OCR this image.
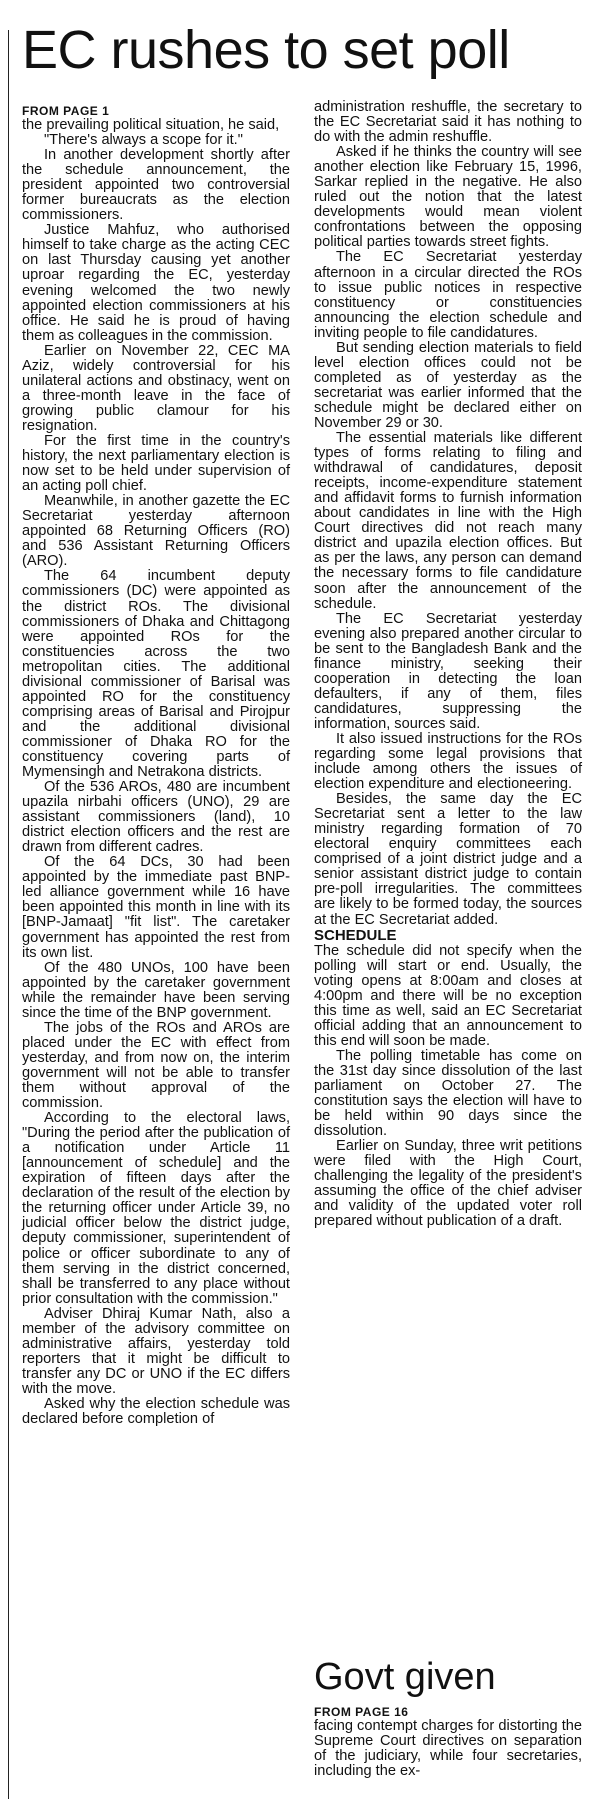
EC rushes to set poll
FROM PAGE 1

the prevailing political situation, he said,

"There's always a scope for it."

In another development shortly after the schedule announcement, the president appointed two controversial former bureaucrats as the election commissioners.

Justice Mahfuz, who authorised himself to take charge as the acting CEC on last Thursday causing yet another uproar regarding the EC, yesterday evening welcomed the two newly appointed election commissioners at his office. He said he is proud of having them as colleagues in the commission.

Earlier on November 22, CEC MA Aziz, widely controversial for his unilateral actions and obstinacy, went on a three-month leave in the face of growing public clamour for his resignation.

For the first time in the country's history, the next parliamentary election is now set to be held under supervision of an acting poll chief.

Meanwhile, in another gazette the EC Secretariat yesterday afternoon appointed 68 Returning Officers (RO) and 536 Assistant Returning Officers (ARO).

The 64 incumbent deputy commissioners (DC) were appointed as the district ROs. The divisional commissioners of Dhaka and Chittagong were appointed ROs for the constituencies across the two metropolitan cities. The additional divisional commissioner of Barisal was appointed RO for the constituency comprising areas of Barisal and Pirojpur and the additional divisional commissioner of Dhaka RO for the constituency covering parts of Mymensingh and Netrakona districts.

Of the 536 AROs, 480 are incumbent upazila nirbahi officers (UNO), 29 are assistant commissioners (land), 10 district election officers and the rest are drawn from different cadres.

Of the 64 DCs, 30 had been appointed by the immediate past BNP-led alliance government while 16 have been appointed this month in line with its [BNP-Jamaat] "fit list". The caretaker government has appointed the rest from its own list.

Of the 480 UNOs, 100 have been appointed by the caretaker government while the remainder have been serving since the time of the BNP government.

The jobs of the ROs and AROs are placed under the EC with effect from yesterday, and from now on, the interim government will not be able to transfer them without approval of the commission.

According to the electoral laws, "During the period after the publication of a notification under Article 11 [announcement of schedule] and the expiration of fifteen days after the declaration of the result of the election by the returning officer under Article 39, no judicial officer below the district judge, deputy commissioner, superintendent of police or officer subordinate to any of them serving in the district concerned, shall be transferred to any place without prior consultation with the commission."

Adviser Dhiraj Kumar Nath, also a member of the advisory committee on administrative affairs, yesterday told reporters that it might be difficult to transfer any DC or UNO if the EC differs with the move.

Asked why the election schedule was declared before completion of

administration reshuffle, the secretary to the EC Secretariat said it has nothing to do with the admin reshuffle.

Asked if he thinks the country will see another election like February 15, 1996, Sarkar replied in the negative. He also ruled out the notion that the latest developments would mean violent confrontations between the opposing political parties towards street fights.

The EC Secretariat yesterday afternoon in a circular directed the ROs to issue public notices in respective constituency or constituencies announcing the election schedule and inviting people to file candidatures.

But sending election materials to field level election offices could not be completed as of yesterday as the secretariat was earlier informed that the schedule might be declared either on November 29 or 30.

The essential materials like different types of forms relating to filing and withdrawal of candidatures, deposit receipts, income-expenditure statement and affidavit forms to furnish information about candidates in line with the High Court directives did not reach many district and upazila election offices. But as per the laws, any person can demand the necessary forms to file candidature soon after the announcement of the schedule.

The EC Secretariat yesterday evening also prepared another circular to be sent to the Bangladesh Bank and the finance ministry, seeking their cooperation in detecting the loan defaulters, if any of them, files candidatures, suppressing the information, sources said.

It also issued instructions for the ROs regarding some legal provisions that include among others the issues of election expenditure and electioneering.

Besides, the same day the EC Secretariat sent a letter to the law ministry regarding formation of 70 electoral enquiry committees each comprised of a joint district judge and a senior assistant district judge to contain pre-poll irregularities. The committees are likely to be formed today, the sources at the EC Secretariat added.

SCHEDULE

The schedule did not specify when the polling will start or end. Usually, the voting opens at 8:00am and closes at 4:00pm and there will be no exception this time as well, said an EC Secretariat official adding that an announcement to this end will soon be made.

The polling timetable has come on the 31st day since dissolution of the last parliament on October 27. The constitution says the election will have to be held within 90 days since the dissolution.

Earlier on Sunday, three writ petitions were filed with the High Court, challenging the legality of the president's assuming the office of the chief adviser and validity of the updated voter roll prepared without publication of a draft.

Govt given
FROM PAGE 16

facing contempt charges for distorting the Supreme Court directives on separation of the judiciary, while four secretaries, including the ex-
